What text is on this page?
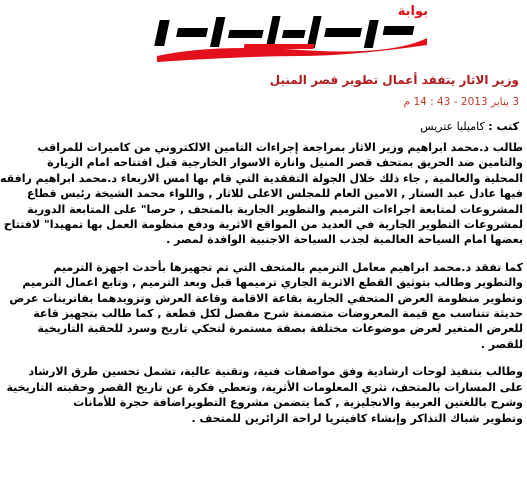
بوابة
وزير الاثار يتفقد أعمال تطوير قصر المنيل
3 يناير 2013 - 43 : 14 م
كتب : كاميليا عتريس

طالب د.محمد ابراهيم وزير الاثار بمراجعة إجراءات التامين الالكتروني من كاميرات للمراقب
والتامين ضد الحريق بمتحف قصر المنيل وانارة الاسوار الخارجية قبل افتتاحه امام الزيارة
المحلية والعالمية , جاء ذلك خلال الجولة التفقدية التي قام بها امس الاربعاء د.محمد ابراهيم رافقه
فيها عادل عبد الستار , الامين العام للمجلس الاعلى للاثار , واللواء محمد الشيخة رئيس قطاع
المشروعات لمتابعة اجراءات الترميم والتطوير الجارية بالمتحف , حرصا" على المتابعة الدورية
لمشروعات التطوير الجارية في العديد من المواقع الاثرية ودفع منظومة العمل بها تمهيدا" لافتتاح
بعضها امام السياحة العالمية لجذب السياحة الاجنبية الوافدة لمصر .

كما تفقد د.محمد ابراهيم معامل الترميم بالمتحف التي تم تجهيزها بأحدث اجهزة الترميم
والتطوير وطالب بتوثيق القطع الاثرية الجاري ترميمها قبل وبعد الترميم , وتابع اعمال الترميم
وتطوير منظومة العرض المتحفي الجارية بقاعة الاقامة وقاعة العرش وتزويدهما بفاترينات عرض
حديثة تتناسب مع قيمة المعروضات متضمنة شرح مفصل لكل قطعة , كما طالب بتجهيز قاعة
للعرض المتغير لعرض موضوعات مختلفة بصفة مستمرة لتحكي تاريخ وسرد للحقبة التاريخية
للقصر .

وطالب بتنفيذ لوحات ارشادية وفق مواصفات فنية، وتقنية عالية، تشمل تحسين طرق الارشاد
على المسارات بالمتحف، تثري المعلومات الأثرية، وتعطي فكرة عن تاريخ القصر وحقبته التاريخية
وشرح باللغتين العربية والانجليزية , كما يتضمن مشروع التطويراضافة حجرة للأمانات
وتطوير شباك التذاكر وإنشاء كافيتريا لراحة الزائرين للمتحف .
